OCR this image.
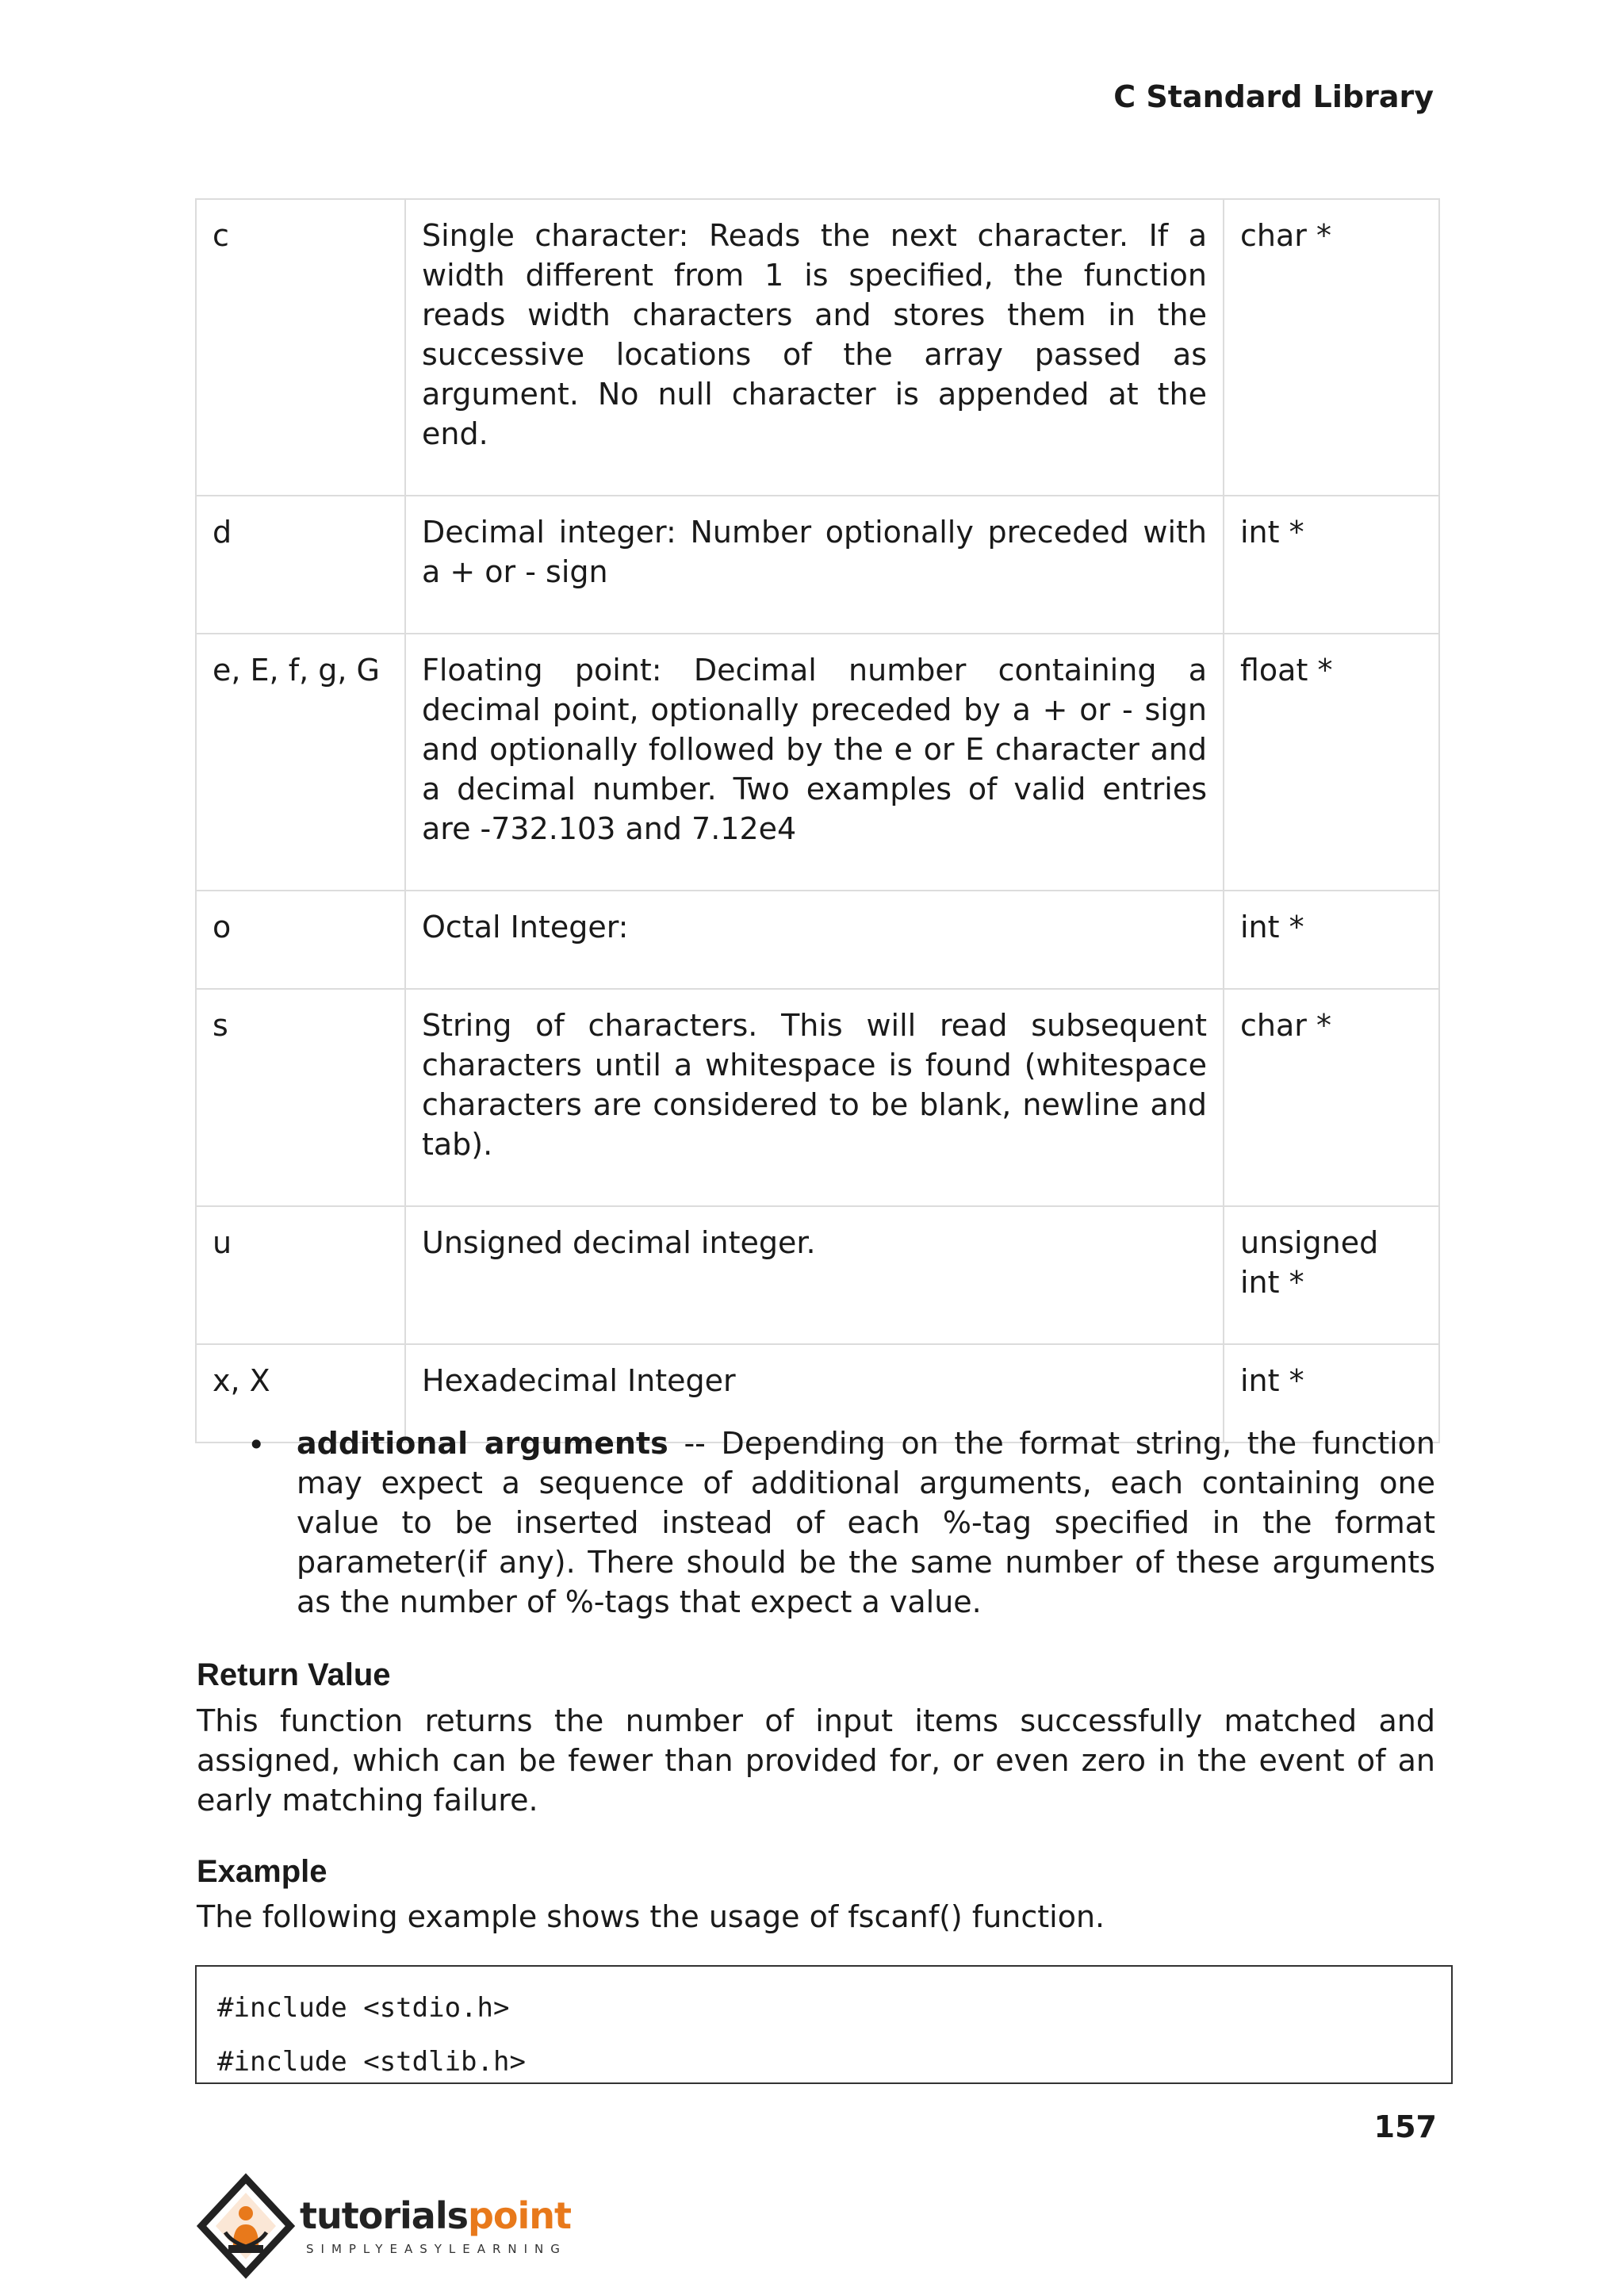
C Standard Library
c	Single character: Reads the next character. If a width different from 1 is specified, the function reads width characters and stores them in the successive locations of the array passed as argument. No null character is appended at the end.	char *
d	Decimal integer: Number optionally preceded with a + or - sign	int *
e, E, f, g, G	Floating point: Decimal number containing a decimal point, optionally preceded by a + or - sign and optionally followed by the e or E character and a decimal number. Two examples of valid entries are -732.103 and 7.12e4	float *
o	Octal Integer:	int *
s	String of characters. This will read subsequent characters until a whitespace is found (whitespace characters are considered to be blank, newline and tab).	char *
u	Unsigned decimal integer.	unsigned int *
x, X	Hexadecimal Integer	int *
• additional arguments -- Depending on the format string, the function may expect a sequence of additional arguments, each containing one value to be inserted instead of each %-tag specified in the format parameter(if any). There should be the same number of these arguments as the number of %-tags that expect a value.
Return Value
This function returns the number of input items successfully matched and assigned, which can be fewer than provided for, or even zero in the event of an early matching failure.
Example
The following example shows the usage of fscanf() function.
#include <stdio.h>
#include <stdlib.h>
157
tutorialspoint
SIMPLYEASYLEARNING
